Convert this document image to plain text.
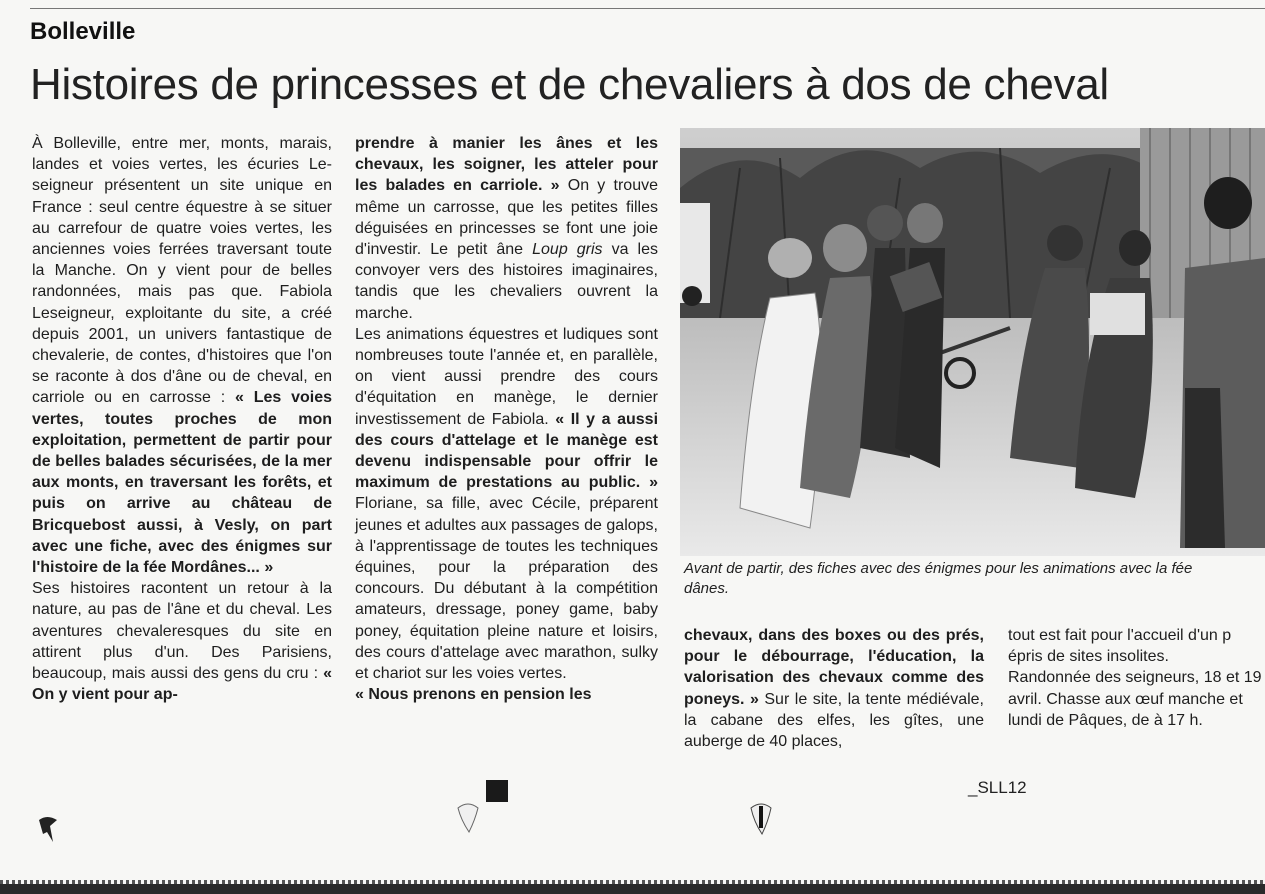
Bolleville
Histoires de princesses et de chevaliers à dos de cheval
À Bolleville, entre mer, monts, marais, landes et voies vertes, les écuries Leseigneur présentent un site unique en France : seul centre équestre à se situer au carrefour de quatre voies vertes, les anciennes voies ferrées traversant toute la Manche. On y vient pour de belles randonnées, mais pas que. Fabiola Leseigneur, exploitante du site, a créé depuis 2001, un univers fantastique de chevalerie, de contes, d'histoires que l'on se raconte à dos d'âne ou de cheval, en carriole ou en carrosse : « Les voies vertes, toutes proches de mon exploitation, permettent de partir pour de belles balades sécurisées, de la mer aux monts, en traversant les forêts, et puis on arrive au château de Bricquebost aussi, à Vesly, on part avec une fiche, avec des énigmes sur l'histoire de la fée Mordânes... »
Ses histoires racontent un retour à la nature, au pas de l'âne et du cheval. Les aventures chevaleresques du site en attirent plus d'un. Des Parisiens, beaucoup, mais aussi des gens du cru : « On y vient pour ap-
prendre à manier les ânes et les chevaux, les soigner, les atteler pour les balades en carriole. » On y trouve même un carrosse, que les petites filles déguisées en princesses se font une joie d'investir. Le petit âne Loup gris va les convoyer vers des histoires imaginaires, tandis que les chevaliers ouvrent la marche.
Les animations équestres et ludiques sont nombreuses toute l'année et, en parallèle, on vient aussi prendre des cours d'équitation en manège, le dernier investissement de Fabiola. « Il y a aussi des cours d'attelage et le manège est devenu indispensable pour offrir le maximum de prestations au public. » Floriane, sa fille, avec Cécile, préparent jeunes et adultes aux passages de galops, à l'apprentissage de toutes les techniques équines, pour la préparation des concours. Du débutant à la compétition amateurs, dressage, poney game, baby poney, équitation pleine nature et loisirs, des cours d'attelage avec marathon, sulky et chariot sur les voies vertes.
« Nous prenons en pension les
Avant de partir, des fiches avec des énigmes pour les animations avec la fée
dânes.
chevaux, dans des boxes ou des prés, pour le débourrage, l'éducation, la valorisation des chevaux comme des poneys. » Sur le site, la tente médiévale, la cabane des elfes, les gîtes, une auberge de 40 places,
tout est fait pour l'accueil d'un p épris de sites insolites.
Randonnée des seigneurs, 18 et 19 avril. Chasse aux œuf manche et lundi de Pâques, de à 17 h.
_SLL12
